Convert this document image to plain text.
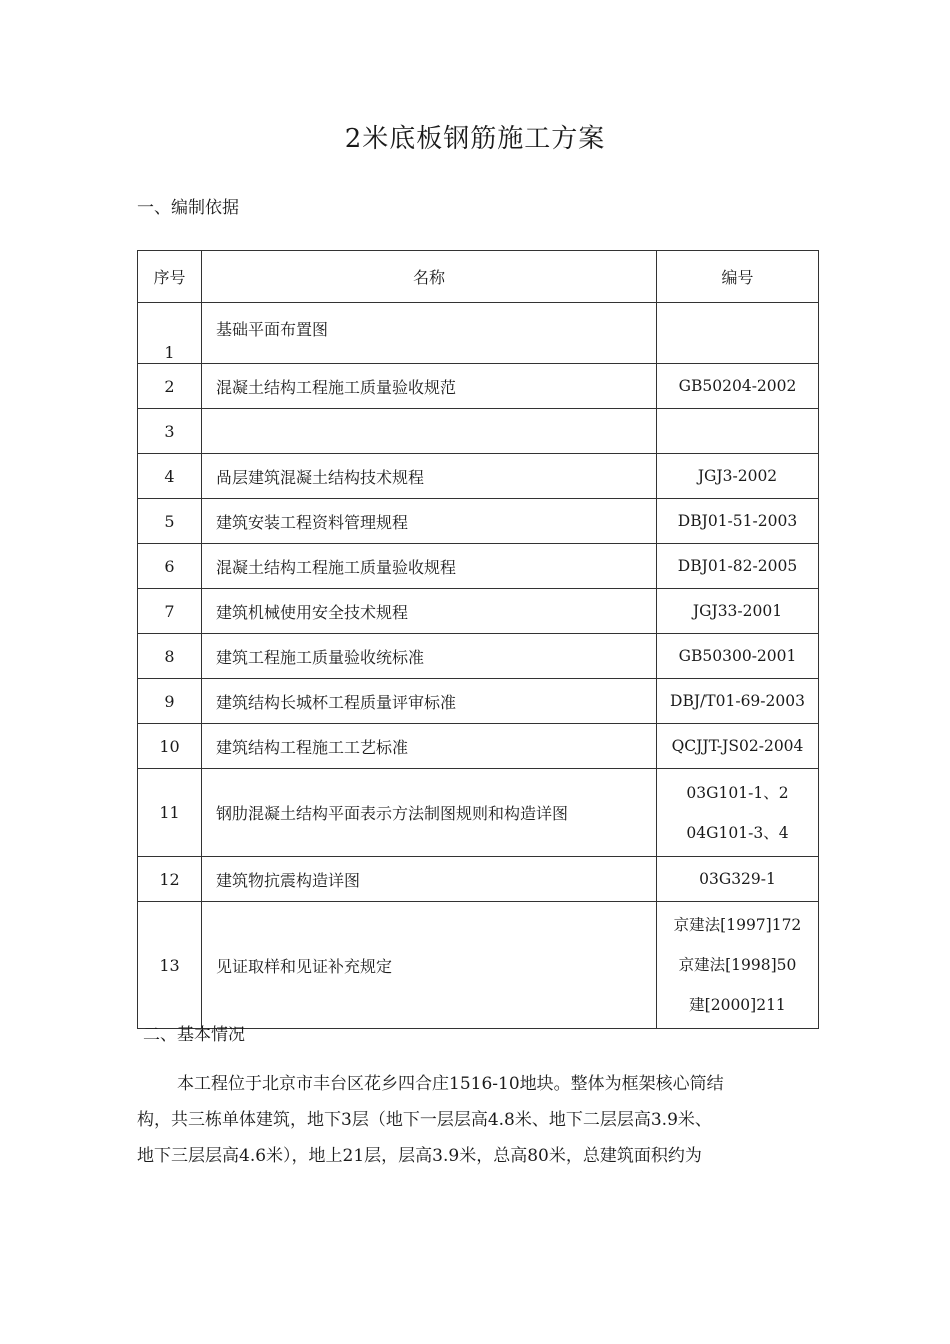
2米底板钢筋施工方案
一、编制依据
序号	名称	编号
1	基础平面布置图	
2	混凝土结构工程施工质量验收规范	GB50204-2002

3		
4	咼层建筑混凝土结构技术规程	JGJ3-2002

5	建筑安装工程资料管理规程	DBJ01-51-2003

6	混凝土结构工程施工质量验收规程	DBJ01-82-2005

7	建筑机械使用安全技术规程	JGJ33-2001

8	建筑工程施工质量验收统标准	GB50300-2001

9	建筑结构长城杯工程质量评审标准	DBJ/T01-69-2003

10	建筑结构工程施工工艺标准	QCJJT-JS02-2004

11	钢肋混凝土结构平面表示方法制图规则和构造详图	03G101-1、2
04G101-3、4

12	建筑物抗震构造详图	03G329-1

13	见证取样和见证补充规定	京建法[1997]172
京建法[1998]50
建[2000]211
二、基本情况
本工程位于北京市丰台区花乡四合庄1516-10地块。整体为框架核心筒结
构，共三栋单体建筑，地下3层（地下一层层高4.8米、地下二层层高3.9米、
地下三层层高4.6米），地上21层，层高3.9米，总高80米，总建筑面积约为
